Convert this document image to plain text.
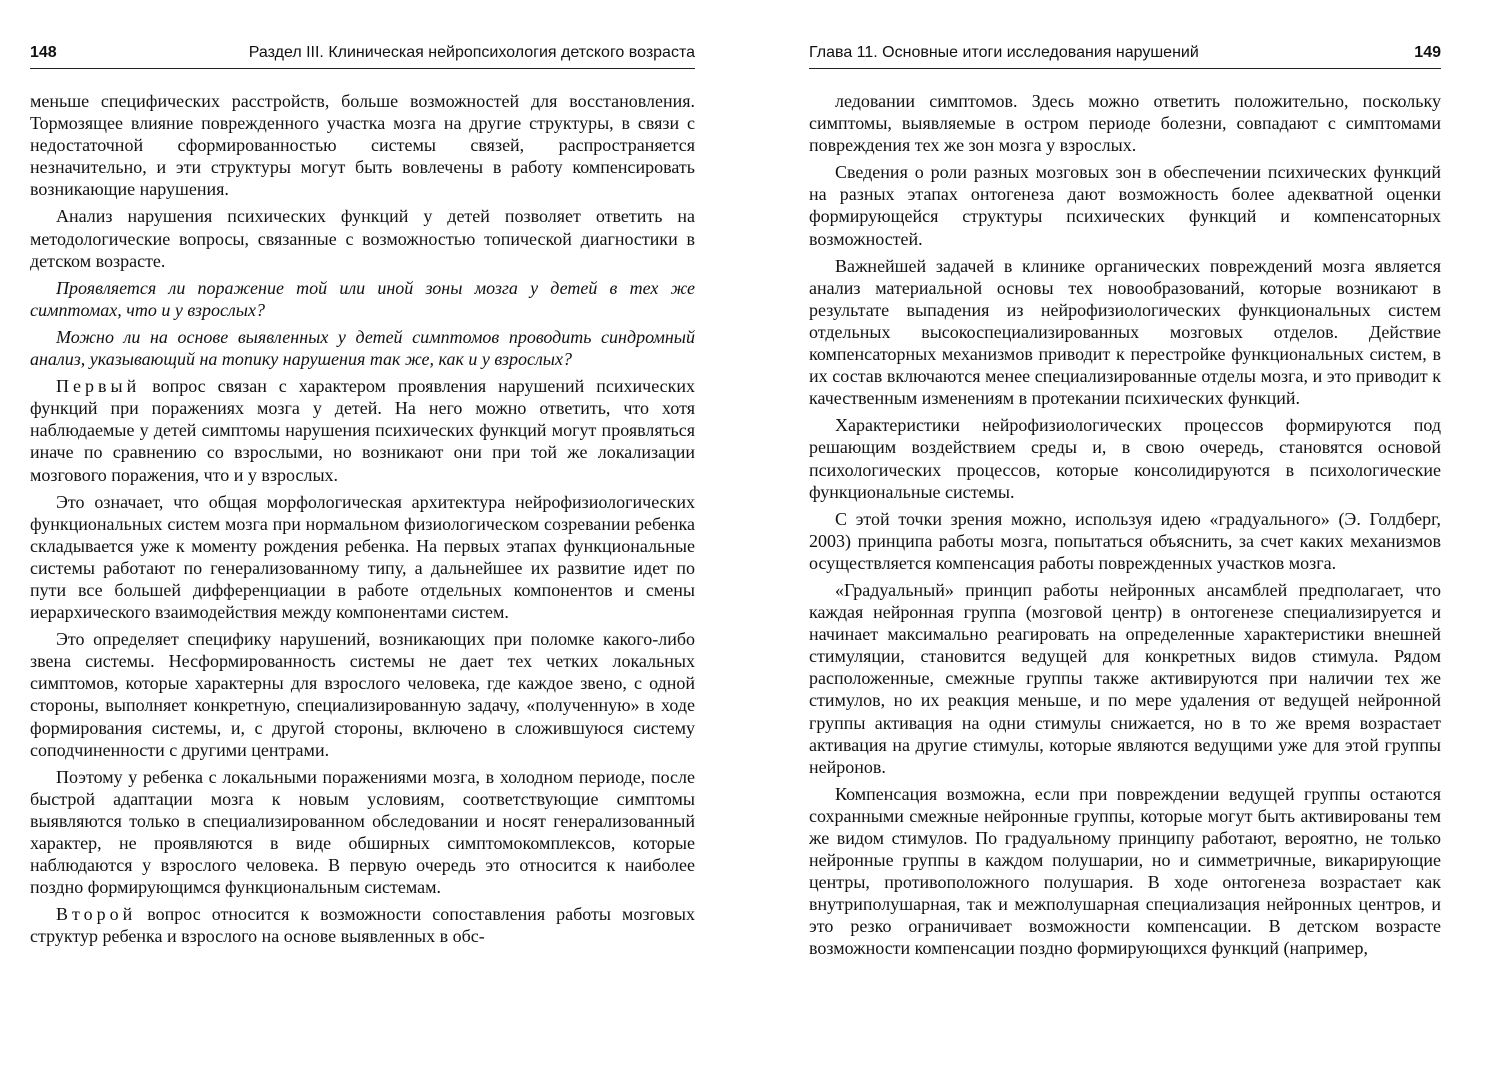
148	Раздел III. Клиническая нейропсихология детского возраста

меньше специфических расстройств, больше возможностей для восстановления. Тормозящее влияние поврежденного участка мозга на другие структуры, в связи с недостаточной сформированностью системы связей, распространяется незначительно, и эти структуры могут быть вовлечены в работу компенсировать возникающие нарушения.

Анализ нарушения психических функций у детей позволяет ответить на методологические вопросы, связанные с возможностью топической диагностики в детском возрасте.

Проявляется ли поражение той или иной зоны мозга у детей в тех же симптомах, что и у взрослых?

Можно ли на основе выявленных у детей симптомов проводить синдромный анализ, указывающий на топику нарушения так же, как и у взрослых?

Первый вопрос связан с характером проявления нарушений психических функций при поражениях мозга у детей. На него можно ответить, что хотя наблюдаемые у детей симптомы нарушения психических функций могут проявляться иначе по сравнению со взрослыми, но возникают они при той же локализации мозгового поражения, что и у взрослых.

Это означает, что общая морфологическая архитектура нейрофизиологических функциональных систем мозга при нормальном физиологическом созревании ребенка складывается уже к моменту рождения ребенка. На первых этапах функциональные системы работают по генерализованному типу, а дальнейшее их развитие идет по пути все большей дифференциации в работе отдельных компонентов и смены иерархического взаимодействия между компонентами систем.

Это определяет специфику нарушений, возникающих при поломке какого-либо звена системы. Несформированность системы не дает тех четких локальных симптомов, которые характерны для взрослого человека, где каждое звено, с одной стороны, выполняет конкретную, специализированную задачу, «полученную» в ходе формирования системы, и, с другой стороны, включено в сложившуюся систему соподчиненности с другими центрами.

Поэтому у ребенка с локальными поражениями мозга, в холодном периоде, после быстрой адаптации мозга к новым условиям, соответствующие симптомы выявляются только в специализированном обследовании и носят генерализованный характер, не проявляются в виде обширных симптомокомплексов, которые наблюдаются у взрослого человека. В первую очередь это относится к наиболее поздно формирующимся функциональным системам.

Второй вопрос относится к возможности сопоставления работы мозговых структур ребенка и взрослого на основе выявленных в обс-

Глава 11. Основные итоги исследования нарушений	149

ледовании симптомов. Здесь можно ответить положительно, поскольку симптомы, выявляемые в остром периоде болезни, совпадают с симптомами повреждения тех же зон мозга у взрослых.

Сведения о роли разных мозговых зон в обеспечении психических функций на разных этапах онтогенеза дают возможность более адекватной оценки формирующейся структуры психических функций и компенсаторных возможностей.

Важнейшей задачей в клинике органических повреждений мозга является анализ материальной основы тех новообразований, которые возникают в результате выпадения из нейрофизиологических функциональных систем отдельных высокоспециализированных мозговых отделов. Действие компенсаторных механизмов приводит к перестройке функциональных систем, в их состав включаются менее специализированные отделы мозга, и это приводит к качественным изменениям в протекании психических функций.

Характеристики нейрофизиологических процессов формируются под решающим воздействием среды и, в свою очередь, становятся основой психологических процессов, которые консолидируются в психологические функциональные системы.

С этой точки зрения можно, используя идею «градуального» (Э. Голдберг, 2003) принципа работы мозга, попытаться объяснить, за счет каких механизмов осуществляется компенсация работы поврежденных участков мозга.

«Градуальный» принцип работы нейронных ансамблей предполагает, что каждая нейронная группа (мозговой центр) в онтогенезе специализируется и начинает максимально реагировать на определенные характеристики внешней стимуляции, становится ведущей для конкретных видов стимула. Рядом расположенные, смежные группы также активируются при наличии тех же стимулов, но их реакция меньше, и по мере удаления от ведущей нейронной группы активация на одни стимулы снижается, но в то же время возрастает активация на другие стимулы, которые являются ведущими уже для этой группы нейронов.

Компенсация возможна, если при повреждении ведущей группы остаются сохранными смежные нейронные группы, которые могут быть активированы тем же видом стимулов. По градуальному принципу работают, вероятно, не только нейронные группы в каждом полушарии, но и симметричные, викарирующие центры, противоположного полушария. В ходе онтогенеза возрастает как внутриполушарная, так и межполушарная специализация нейронных центров, и это резко ограничивает возможности компенсации. В детском возрасте возможности компенсации поздно формирующихся функций (например,
